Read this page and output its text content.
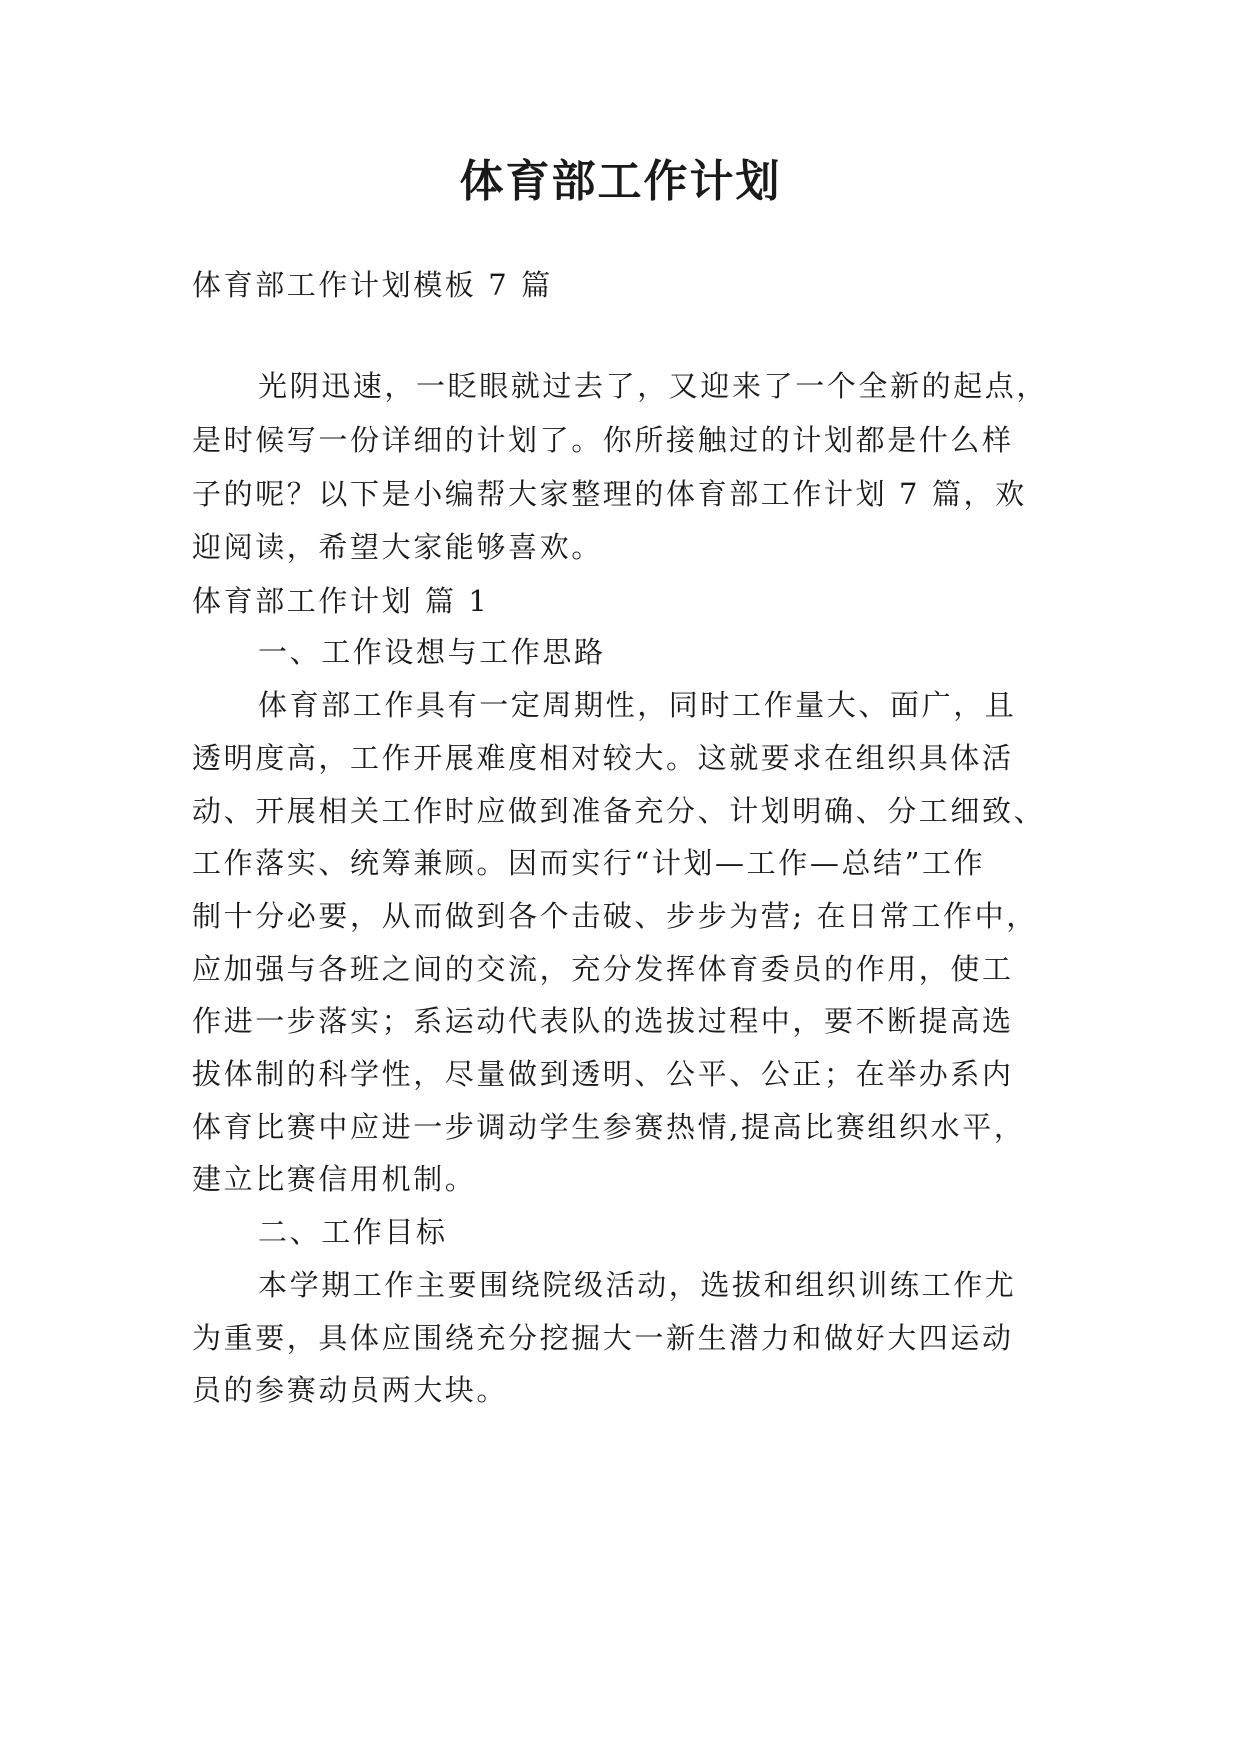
体育部工作计划
体育部工作计划模板 7 篇
光阴迅速，一眨眼就过去了，又迎来了一个全新的起点，
是时候写一份详细的计划了。你所接触过的计划都是什么样
子的呢？以下是小编帮大家整理的体育部工作计划 7 篇，欢
迎阅读，希望大家能够喜欢。
体育部工作计划 篇 1
一、工作设想与工作思路
体育部工作具有一定周期性，同时工作量大、面广，且
透明度高，工作开展难度相对较大。这就要求在组织具体活
动、开展相关工作时应做到准备充分、计划明确、分工细致、
工作落实、统筹兼顾。因而实行“计划—工作—总结”工作
制十分必要，从而做到各个击破、步步为营; 在日常工作中，
应加强与各班之间的交流，充分发挥体育委员的作用，使工
作进一步落实；系运动代表队的选拔过程中，要不断提高选
拔体制的科学性，尽量做到透明、公平、公正；在举办系内
体育比赛中应进一步调动学生参赛热情,提高比赛组织水平，
建立比赛信用机制。
二、工作目标
本学期工作主要围绕院级活动，选拔和组织训练工作尤
为重要，具体应围绕充分挖掘大一新生潜力和做好大四运动
员的参赛动员两大块。
